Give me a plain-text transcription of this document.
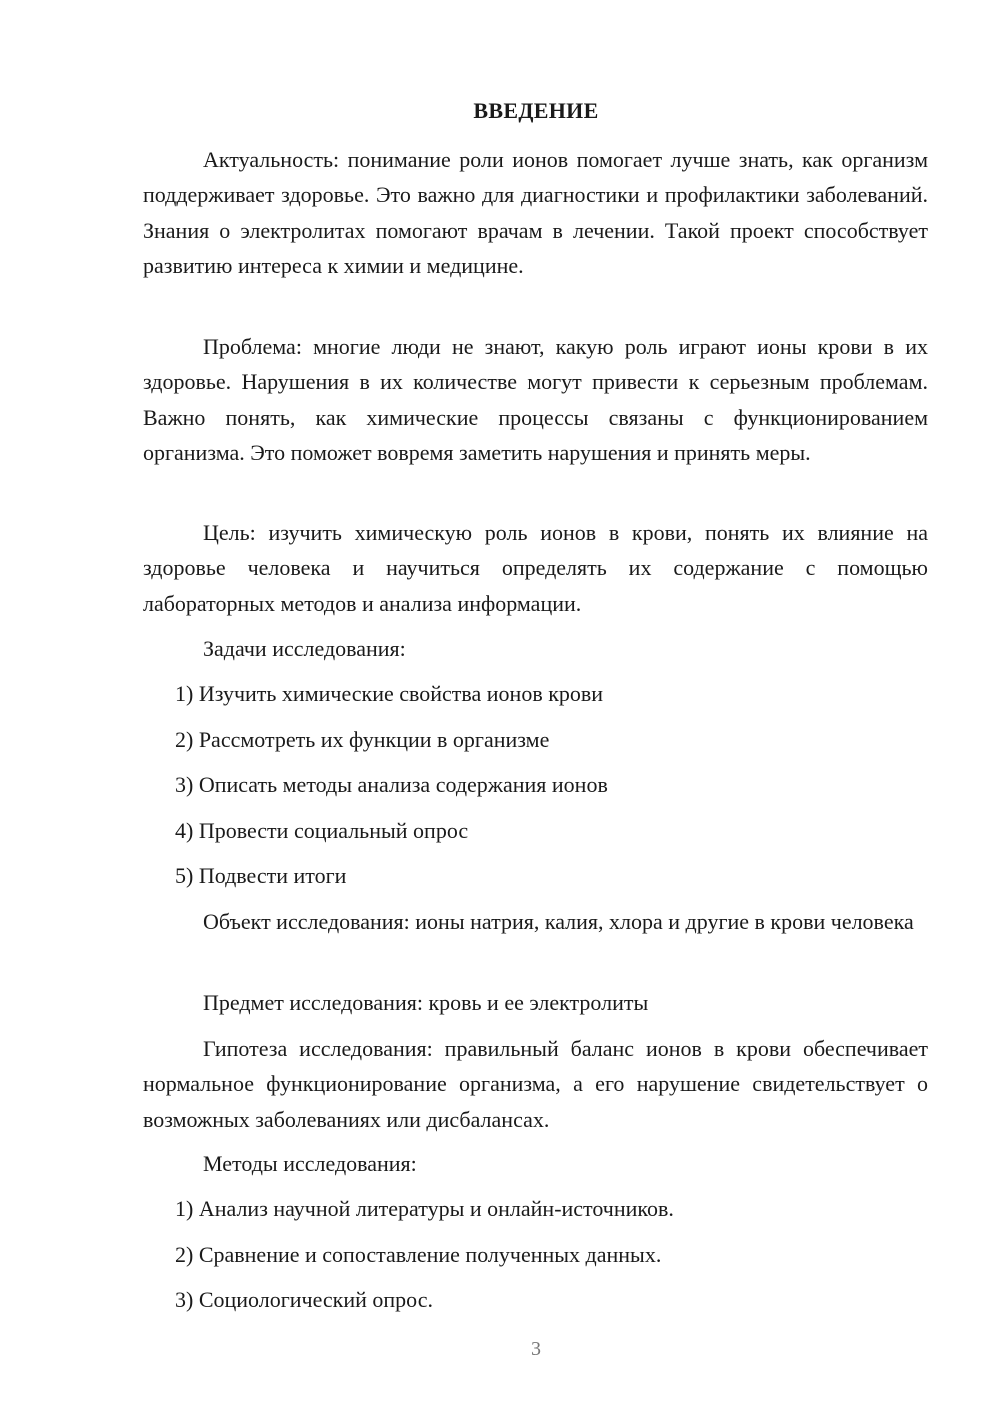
ВВЕДЕНИЕ

Актуальность: понимание роли ионов помогает лучше знать, как организм поддерживает здоровье. Это важно для диагностики и профилактики заболеваний. Знания о электролитах помогают врачам в лечении. Такой проект способствует развитию интереса к химии и медицине.

Проблема: многие люди не знают, какую роль играют ионы крови в их здоровье. Нарушения в их количестве могут привести к серьезным проблемам. Важно понять, как химические процессы связаны с функционированием организма. Это поможет вовремя заметить нарушения и принять меры.

Цель: изучить химическую роль ионов в крови, понять их влияние на здоровье человека и научиться определять их содержание с помощью лабораторных методов и анализа информации.

Задачи исследования:
1) Изучить химические свойства ионов крови
2) Рассмотреть их функции в организме
3) Описать методы анализа содержания ионов
4) Провести социальный опрос
5) Подвести итоги

Объект исследования: ионы натрия, калия, хлора и другие в крови человека

Предмет исследования: кровь и ее электролиты

Гипотеза исследования: правильный баланс ионов в крови обеспечивает нормальное функционирование организма, а его нарушение свидетельствует о возможных заболеваниях или дисбалансах.

Методы исследования:
1) Анализ научной литературы и онлайн-источников.
2) Сравнение и сопоставление полученных данных.
3) Социологический опрос.
3
